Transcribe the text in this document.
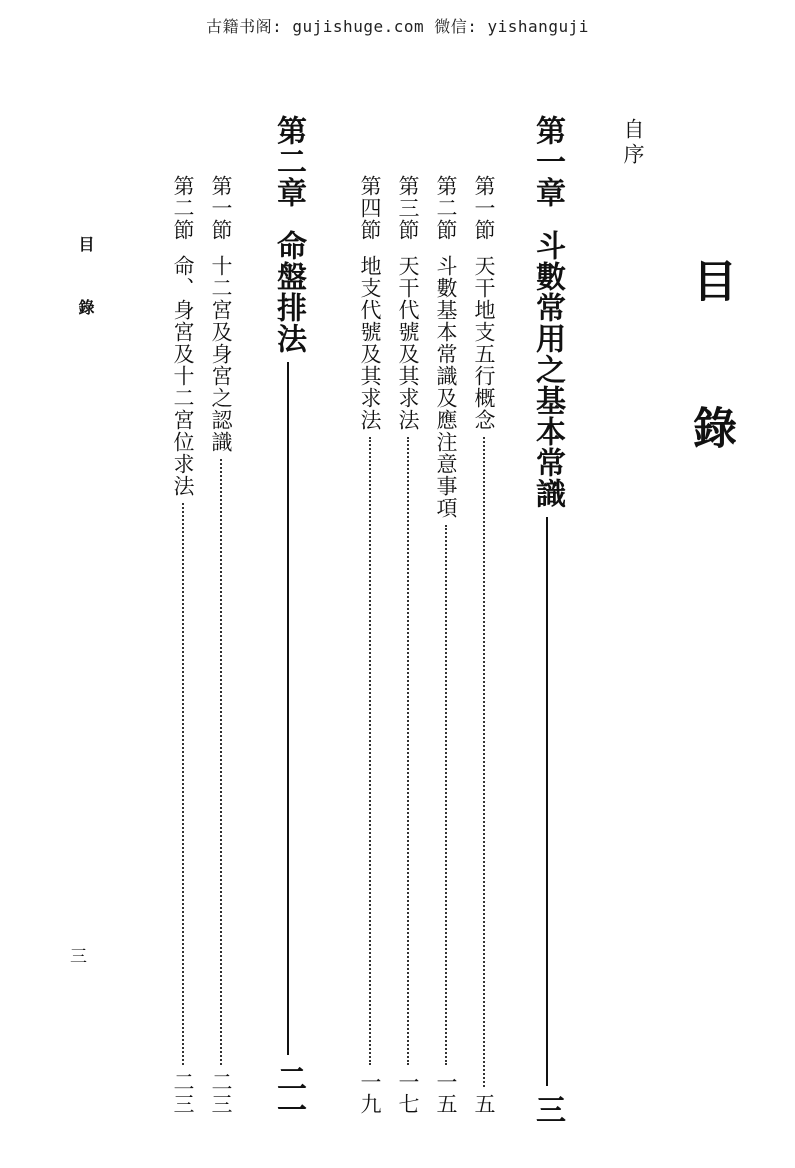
古籍书阁: gujishuge.com 微信: yishanguji
目 錄
自序
目 錄
三
第一章
斗數常用之基本常識
三
第一節
天干地支五行概念
五
第二節
斗數基本常識及應注意事項
一五
第三節
天干代號及其求法
一七
第四節
地支代號及其求法
一九
第二章
命盤排法
二一
第一節
十二宮及身宮之認識
二三
第二節
命、身宮及十二宮位求法
二三
